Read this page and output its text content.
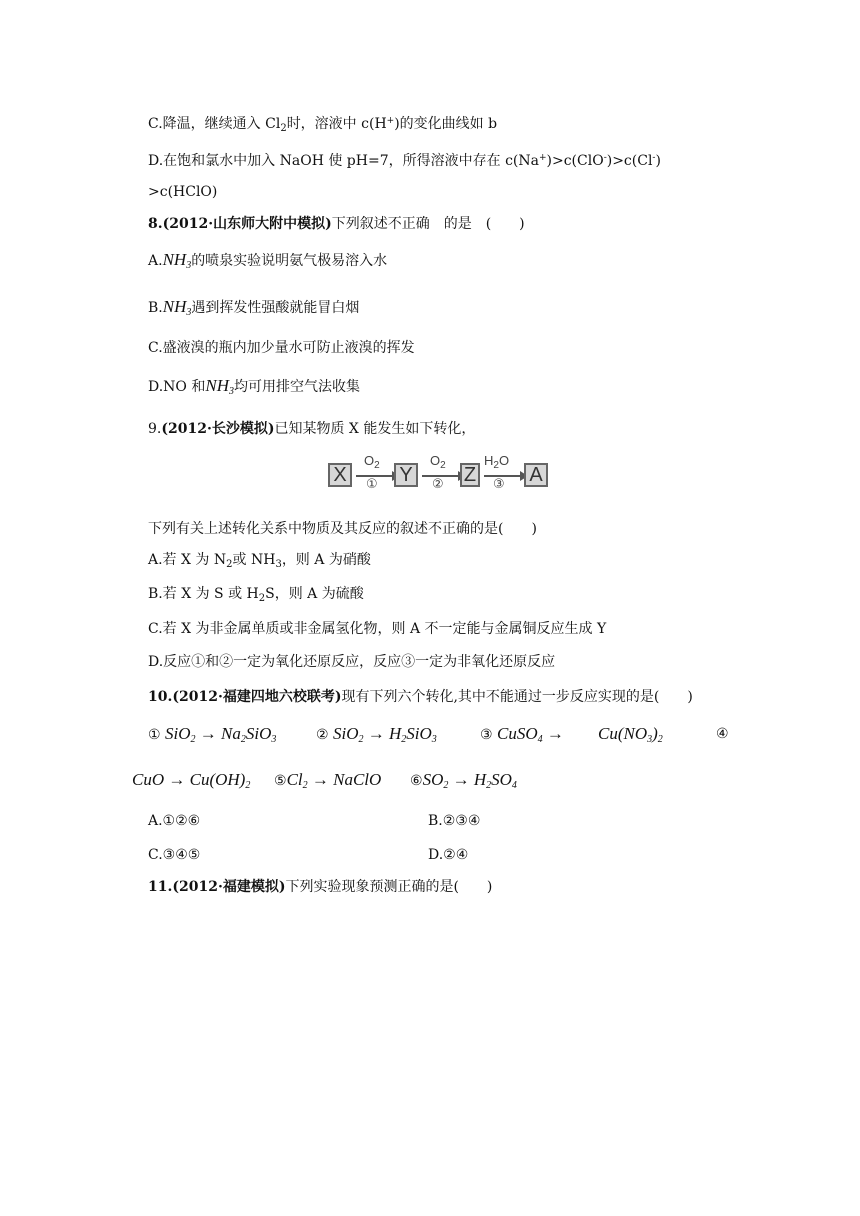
C.降温，继续通入 $Cl_2$时，溶液中 c(H+)的变化曲线如 b
D.在饱和氯水中加入 NaOH 使 pH=7，所得溶液中存在 c(Na+)>c(ClO-)>c(Cl-)
>c(HClO)
8.(2012·山东师大附中模拟)下列叙述不正确　的是　(　　)
$A.NH_3$的喷泉实验说明氨气极易溶入水
$B.NH_3$遇到挥发性强酸就能冒白烟
C.盛液溴的瓶内加少量水可防止液溴的挥发
D.NO 和$NH_3$均可用排空气法收集
9.(2012·长沙模拟)已知某物质 X 能发生如下转化，
X
$O_2$
① Y
$O_2$
② Z
$H_2O$
③ A
下列有关上述转化关系中物质及其反应的叙述不正确的是(　　)
A.若 X 为 $N_2$或 $NH_3$，则 A 为硝酸
B.若 X 为 S 或 $H_2S$，则 A 为硫酸
C.若 X 为非金属单质或非金属氢化物，则 A 不一定能与金属铜反应生成 Y
D.反应①和②一定为氧化还原反应，反应③一定为非氧化还原反应
10.(2012·福建四地六校联考)现有下列六个转化,其中不能通过一步反应实现的是(　　)
① $SiO_2 \to Na_2SiO_3$	② $SiO_2 \to H_2SiO_3$	③ CuSO$_4$ → $Cu(NO_3)_2$	④
CuO → $Cu(OH)_2$ $⑤Cl_2$ → NaClO $⑥SO_2 \to H_2SO_4$
A.①②⑥	B.②③④
C.③④⑤	D.②④
11.(2012·福建模拟)下列实验现象预测正确的是(　　)
